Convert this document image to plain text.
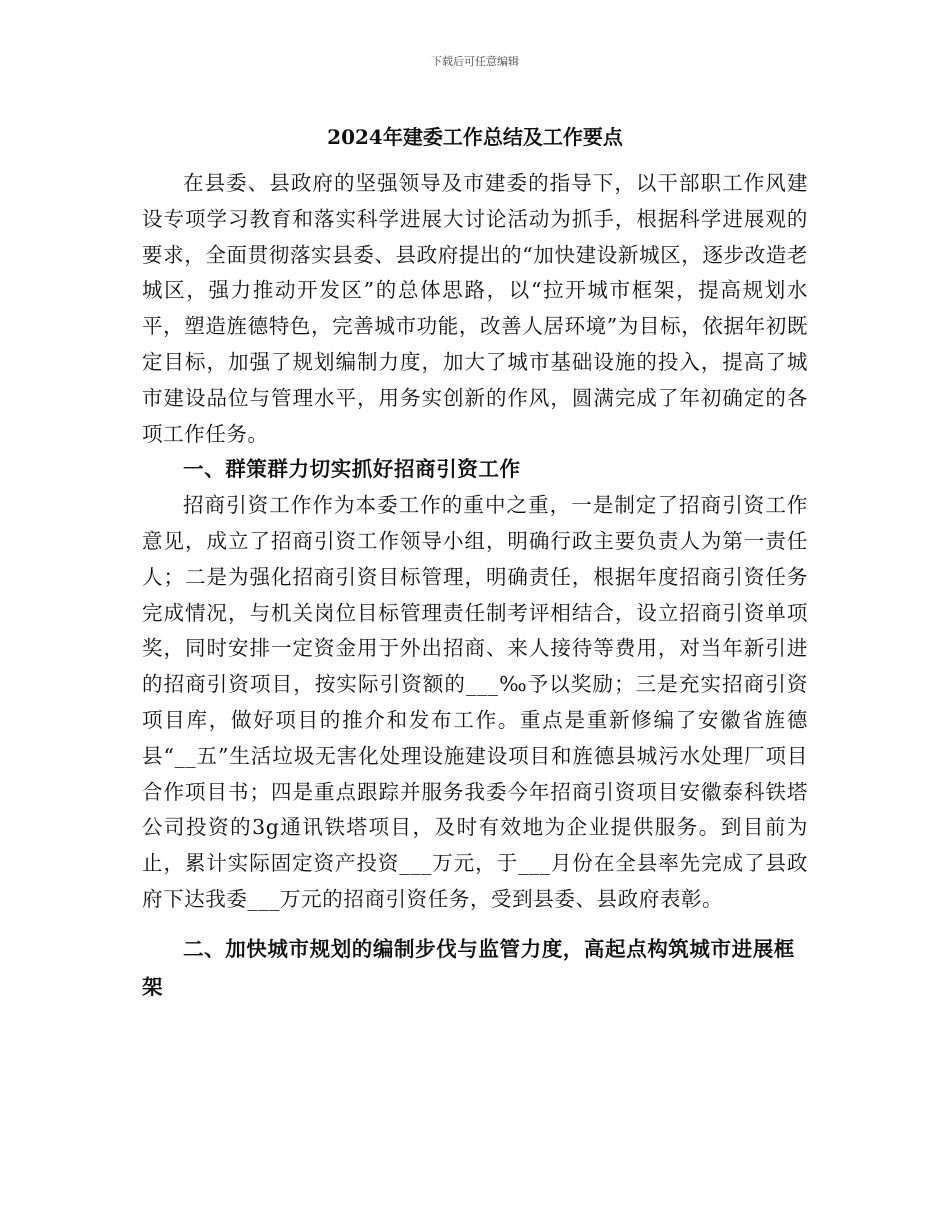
下载后可任意编辑
2024年建委工作总结及工作要点

在县委、县政府的坚强领导及市建委的指导下，以干部职工作风建设专项学习教育和落实科学进展大讨论活动为抓手，根据科学进展观的要求，全面贯彻落实县委、县政府提出的“加快建设新城区，逐步改造老城区，强力推动开发区”的总体思路，以“拉开城市框架，提高规划水平，塑造旌德特色，完善城市功能，改善人居环境”为目标，依据年初既定目标，加强了规划编制力度，加大了城市基础设施的投入，提高了城市建设品位与管理水平，用务实创新的作风，圆满完成了年初确定的各项工作任务。

一、群策群力切实抓好招商引资工作

招商引资工作作为本委工作的重中之重，一是制定了招商引资工作意见，成立了招商引资工作领导小组，明确行政主要负责人为第一责任人；二是为强化招商引资目标管理，明确责任，根据年度招商引资任务完成情况，与机关岗位目标管理责任制考评相结合，设立招商引资单项奖，同时安排一定资金用于外出招商、来人接待等费用，对当年新引进的招商引资项目，按实际引资额的___‰予以奖励；三是充实招商引资项目库，做好项目的推介和发布工作。重点是重新修编了安徽省旌德县“__五”生活垃圾无害化处理设施建设项目和旌德县城污水处理厂项目合作项目书；四是重点跟踪并服务我委今年招商引资项目安徽泰科铁塔公司投资的3g通讯铁塔项目，及时有效地为企业提供服务。到目前为止，累计实际固定资产投资___万元，于___月份在全县率先完成了县政府下达我委___万元的招商引资任务，受到县委、县政府表彰。

二、加快城市规划的编制步伐与监管力度，高起点构筑城市进展框架
